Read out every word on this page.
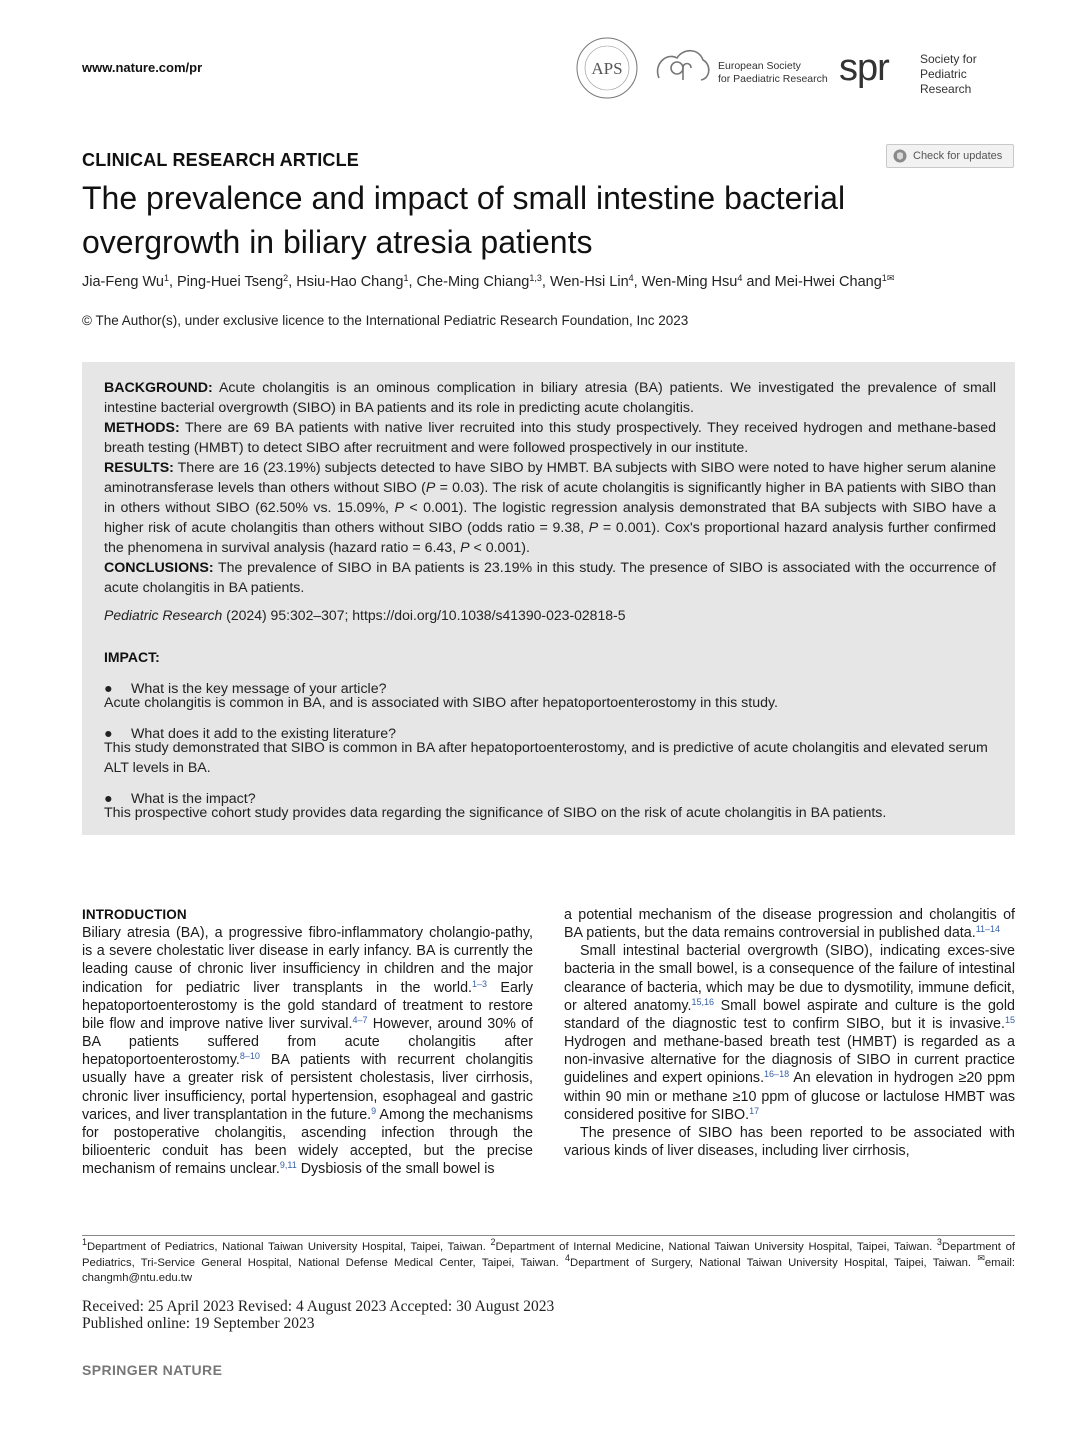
www.nature.com/pr	APS	European Society
for Paediatric Research spr	Society for
Pediatric Research
CLINICAL RESEARCH ARTICLE	Check for updates
The prevalence and impact of small intestine bacterial
overgrowth in biliary atresia patients
Jia-Feng Wu$^1$, Ping-Huei Tseng$^2$, Hsiu-Hao Chang$^1$, Che-Ming Chiang$^{1,3}$, Wen-Hsi Lin$^4$, Wen-Ming Hsu$^4$ and Mei-Hwei Chang$^{1✉}$
© The Author(s), under exclusive licence to the International Pediatric Research Foundation, Inc 2023

BACKGROUND: Acute cholangitis is an ominous complication in biliary atresia (BA) patients. We investigated the prevalence of small intestine bacterial overgrowth (SIBO) in BA patients and its role in predicting acute cholangitis.

METHODS: There are 69 BA patients with native liver recruited into this study prospectively. They received hydrogen and methane-based breath testing (HMBT) to detect SIBO after recruitment and were followed prospectively in our institute.

RESULTS: There are 16 (23.19%) subjects detected to have SIBO by HMBT. BA subjects with SIBO were noted to have higher serum alanine aminotransferase levels than others without SIBO (P = 0.03). The risk of acute cholangitis is significantly higher in BA patients with SIBO than in others without SIBO (62.50% vs. 15.09%, P < 0.001). The logistic regression analysis demonstrated that BA subjects with SIBO have a higher risk of acute cholangitis than others without SIBO (odds ratio = 9.38, P = 0.001). Cox's proportional hazard analysis further confirmed the phenomena in survival analysis (hazard ratio = 6.43, P < 0.001).

CONCLUSIONS: The prevalence of SIBO in BA patients is 23.19% in this study. The presence of SIBO is associated with the occurrence of acute cholangitis in BA patients.

Pediatric Research (2024) 95:302–307; https://doi.org/10.1038/s41390-023-02818-5
IMPACT:
● What is the key message of your article?
Acute cholangitis is common in BA, and is associated with SIBO after hepatoportoenterostomy in this study.
● What does it add to the existing literature?
This study demonstrated that SIBO is common in BA after hepatoportoenterostomy, and is predictive of acute cholangitis and elevated serum ALT levels in BA.
● What is the impact?
This prospective cohort study provides data regarding the significance of SIBO on the risk of acute cholangitis in BA patients.
INTRODUCTION

Biliary atresia (BA), a progressive fibro-inflammatory cholangio-pathy, is a severe cholestatic liver disease in early infancy. BA is currently the leading cause of chronic liver insufficiency in children and the major indication for pediatric liver transplants in the world.$^{1-3}$ Early hepatoportoenterostomy is the gold standard of treatment to restore bile flow and improve native liver survival.$^{4-7}$ However, around 30% of BA patients suffered from acute cholangitis after hepatoportoenterostomy.$^{8-10}$ BA patients with recurrent cholangitis usually have a greater risk of persistent cholestasis, liver cirrhosis, chronic liver insufficiency, portal hypertension, esophageal and gastric varices, and liver transplantation in the future.$^9$ Among the mechanisms for postoperative cholangitis, ascending infection through the bilioenteric conduit has been widely accepted, but the precise mechanism of remains unclear.$^{9,11}$ Dysbiosis of the small bowel is

a potential mechanism of the disease progression and cholangitis of BA patients, but the data remains controversial in published data.$^{11-14}$

Small intestinal bacterial overgrowth (SIBO), indicating exces-sive bacteria in the small bowel, is a consequence of the failure of intestinal clearance of bacteria, which may be due to dysmotility, immune deficit, or altered anatomy.$^{15,16}$ Small bowel aspirate and culture is the gold standard of the diagnostic test to confirm SIBO, but it is invasive.$^{15}$ Hydrogen and methane-based breath test (HMBT) is regarded as a non-invasive alternative for the diagnosis of SIBO in current practice guidelines and expert opinions.$^{16-18}$ An elevation in hydrogen ≥20 ppm within 90 min or methane ≥10 ppm of glucose or lactulose HMBT was considered positive for SIBO.$^{17}$

The presence of SIBO has been reported to be associated with various kinds of liver diseases, including liver cirrhosis,

$^1$Department of Pediatrics, National Taiwan University Hospital, Taipei, Taiwan. $^2$Department of Internal Medicine, National Taiwan University Hospital, Taipei, Taiwan. $^3$Department of Pediatrics, Tri-Service General Hospital, National Defense Medical Center, Taipei, Taiwan. $^4$Department of Surgery, National Taiwan University Hospital, Taipei, Taiwan. ✉email: changmh@ntu.edu.tw
Received: 25 April 2023 Revised: 4 August 2023 Accepted: 30 August 2023
Published online: 19 September 2023
SPRINGER NATURE
